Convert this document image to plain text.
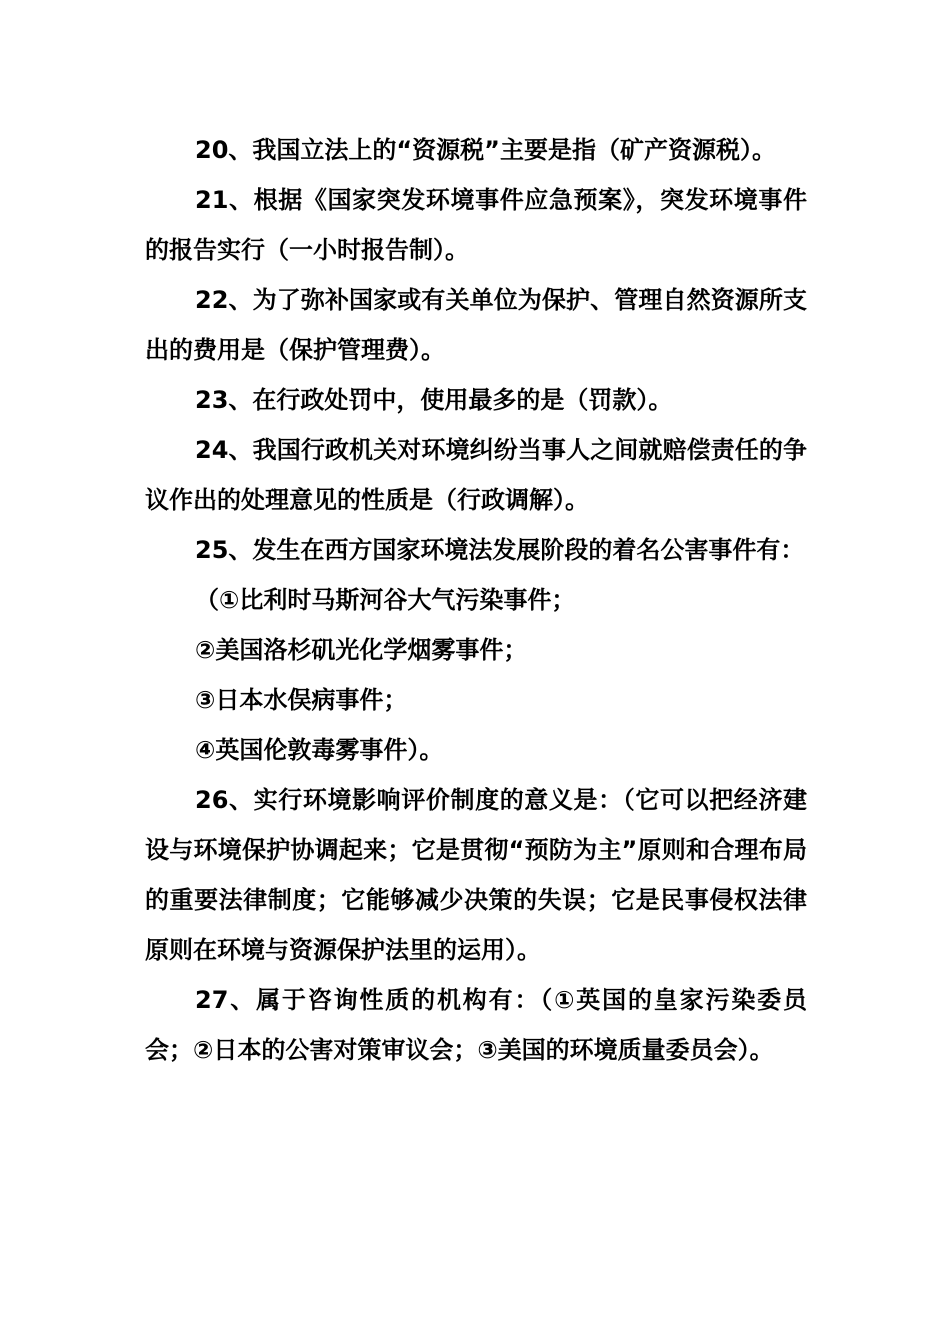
20、我国立法上的“资源税”主要是指（矿产资源税）。

21、根据《国家突发环境事件应急预案》，突发环境事件的报告实行（一小时报告制）。

22、为了弥补国家或有关单位为保护、管理自然资源所支出的费用是（保护管理费）。

23、在行政处罚中，使用最多的是（罚款）。

24、我国行政机关对环境纠纷当事人之间就赔偿责任的争议作出的处理意见的性质是（行政调解）。

25、发生在西方国家环境法发展阶段的着名公害事件有：

（①比利时马斯河谷大气污染事件；

②美国洛杉矶光化学烟雾事件；

③日本水俣病事件；

④英国伦敦毒雾事件）。

26、实行环境影响评价制度的意义是：（它可以把经济建设与环境保护协调起来；它是贯彻“预防为主”原则和合理布局的重要法律制度；它能够减少决策的失误；它是民事侵权法律原则在环境与资源保护法里的运用）。

27、属于咨询性质的机构有：（①英国的皇家污染委员会；②日本的公害对策审议会；③美国的环境质量委员会）。
